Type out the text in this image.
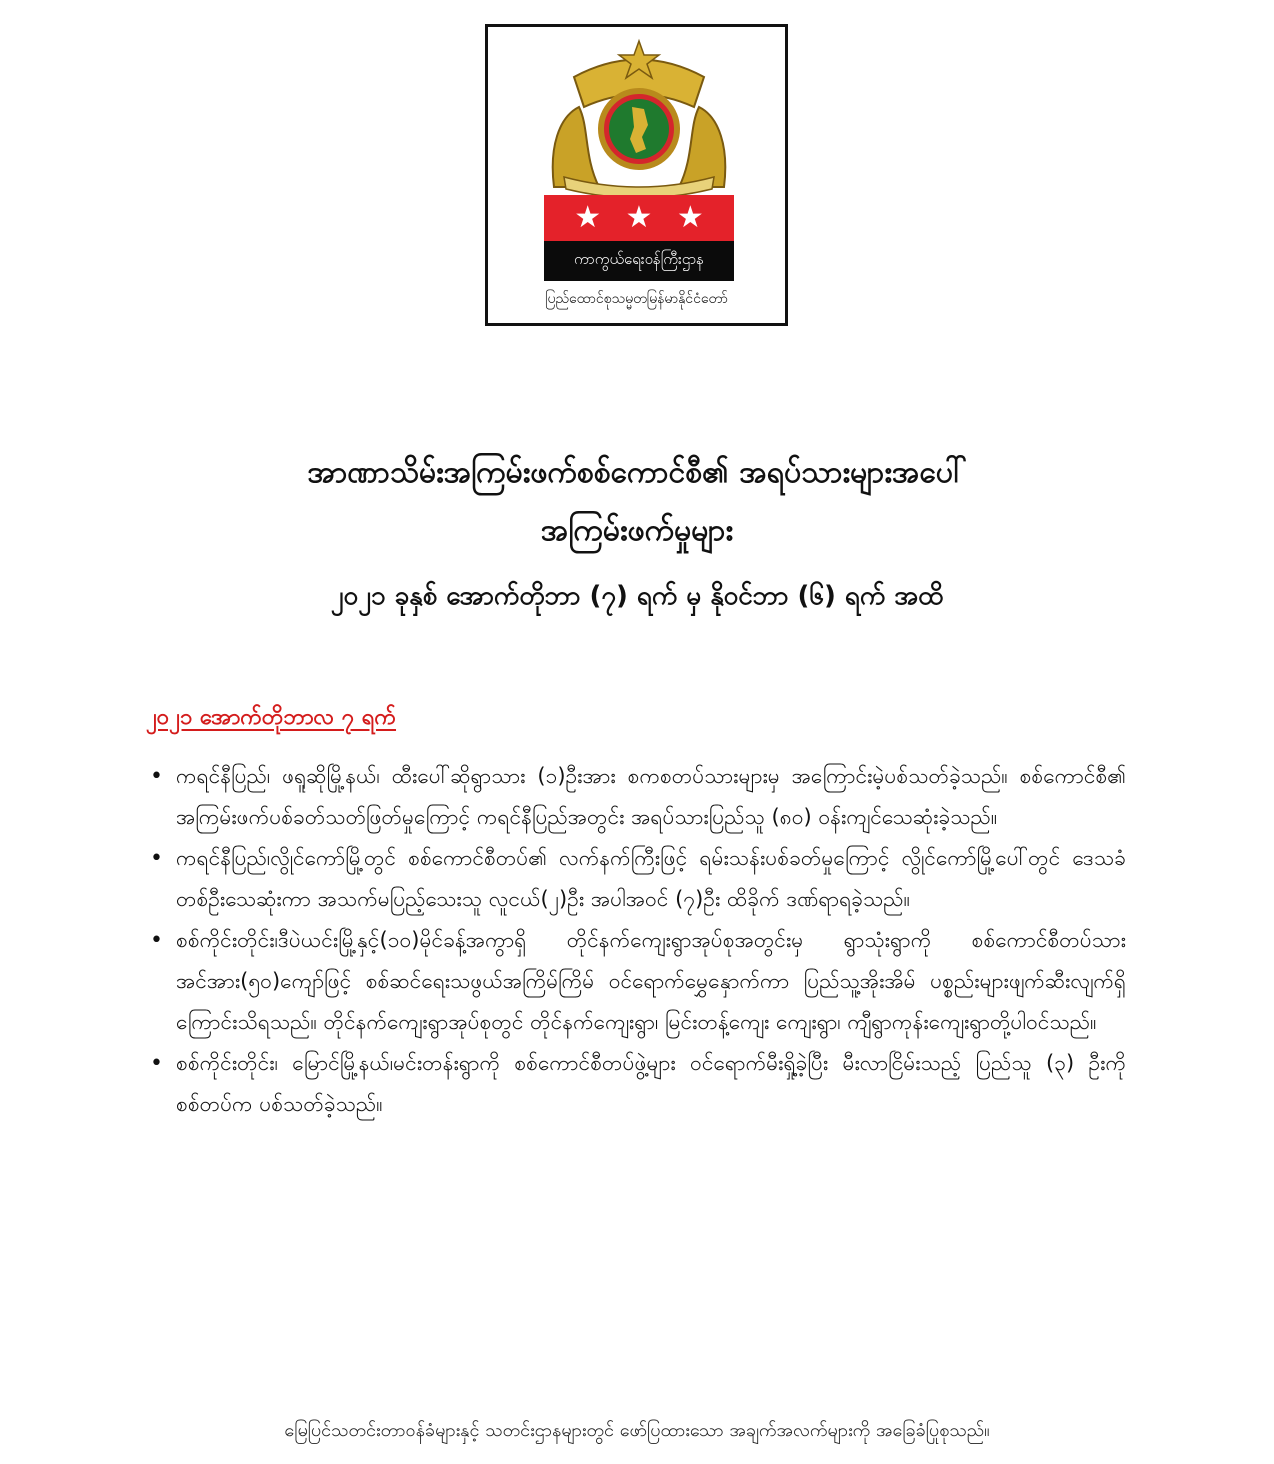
★ ★ ★
ကာကွယ်ရေးဝန်ကြီးဌာန
ပြည်ထောင်စုသမ္မတမြန်မာနိုင်ငံတော်
အာဏာသိမ်းအကြမ်းဖက်စစ်ကောင်စီ၏ အရပ်သားများအပေါ်
အကြမ်းဖက်မှုများ
၂၀၂၁ ခုနှစ် အောက်တိုဘာ (၇) ရက် မှ နိုဝင်ဘာ (၆) ရက် အထိ
၂၀၂၁ အောက်တိုဘာလ ၇ ရက်
• ကရင်နီပြည်၊ ဖရူဆိုမြို့နယ်၊ ထီးပေါ်ဆိုရွာသား (၁)ဦးအား စကစတပ်သားများမှ အကြောင်းမဲ့ပစ်သတ်ခဲ့သည်။ စစ်ကောင်စီ၏ အကြမ်းဖက်ပစ်ခတ်သတ်ဖြတ်မှုကြောင့် ကရင်နီပြည်အတွင်း အရပ်သားပြည်သူ (၈၀) ဝန်းကျင်သေဆုံးခဲ့သည်။
• ကရင်နီပြည်၊လွိုင်ကော်မြို့တွင် စစ်ကောင်စီတပ်၏ လက်နက်ကြီးဖြင့် ရမ်းသန်းပစ်ခတ်မှုကြောင့် လွိုင်ကော်မြို့ပေါ်တွင် ဒေသခံတစ်ဦးသေဆုံးကာ အသက်မပြည့်သေးသူ လူငယ်(၂)ဦး အပါအဝင် (၇)ဦး ထိခိုက် ဒဏ်ရာရခဲ့သည်။
• စစ်ကိုင်းတိုင်း၊ဒီပဲယင်းမြို့နှင့်(၁၀)မိုင်ခန့်အကွာရှိ တိုင်နက်ကျေးရွာအုပ်စုအတွင်းမှ ရွာသုံးရွာကို စစ်ကောင်စီတပ်သားအင်အား(၅၀)ကျော်ဖြင့် စစ်ဆင်ရေးသဖွယ်အကြိမ်ကြိမ် ဝင်ရောက်မွှေနှောက်ကာ ပြည်သူ့အိုးအိမ် ပစ္စည်းများဖျက်ဆီးလျက်ရှိကြောင်းသိရသည်။ တိုင်နက်ကျေးရွာအုပ်စုတွင် တိုင်နက်ကျေးရွာ၊ မြင်းတန့်ကျေး ကျေးရွာ၊ ကျီရွာကုန်းကျေးရွာတို့ပါဝင်သည်။
• စစ်ကိုင်းတိုင်း၊ မြောင်မြို့နယ်၊မင်းတန်းရွာကို စစ်ကောင်စီတပ်ဖွဲ့များ ဝင်ရောက်မီးရှို့ခဲ့ပြီး မီးလာငြိမ်းသည့် ပြည်သူ (၃) ဦးကို စစ်တပ်က ပစ်သတ်ခဲ့သည်။
မြေပြင်သတင်းတာဝန်ခံများနှင့် သတင်းဌာနများတွင် ဖော်ပြထားသော အချက်အလက်များကို အခြေခံပြုစုသည်။
